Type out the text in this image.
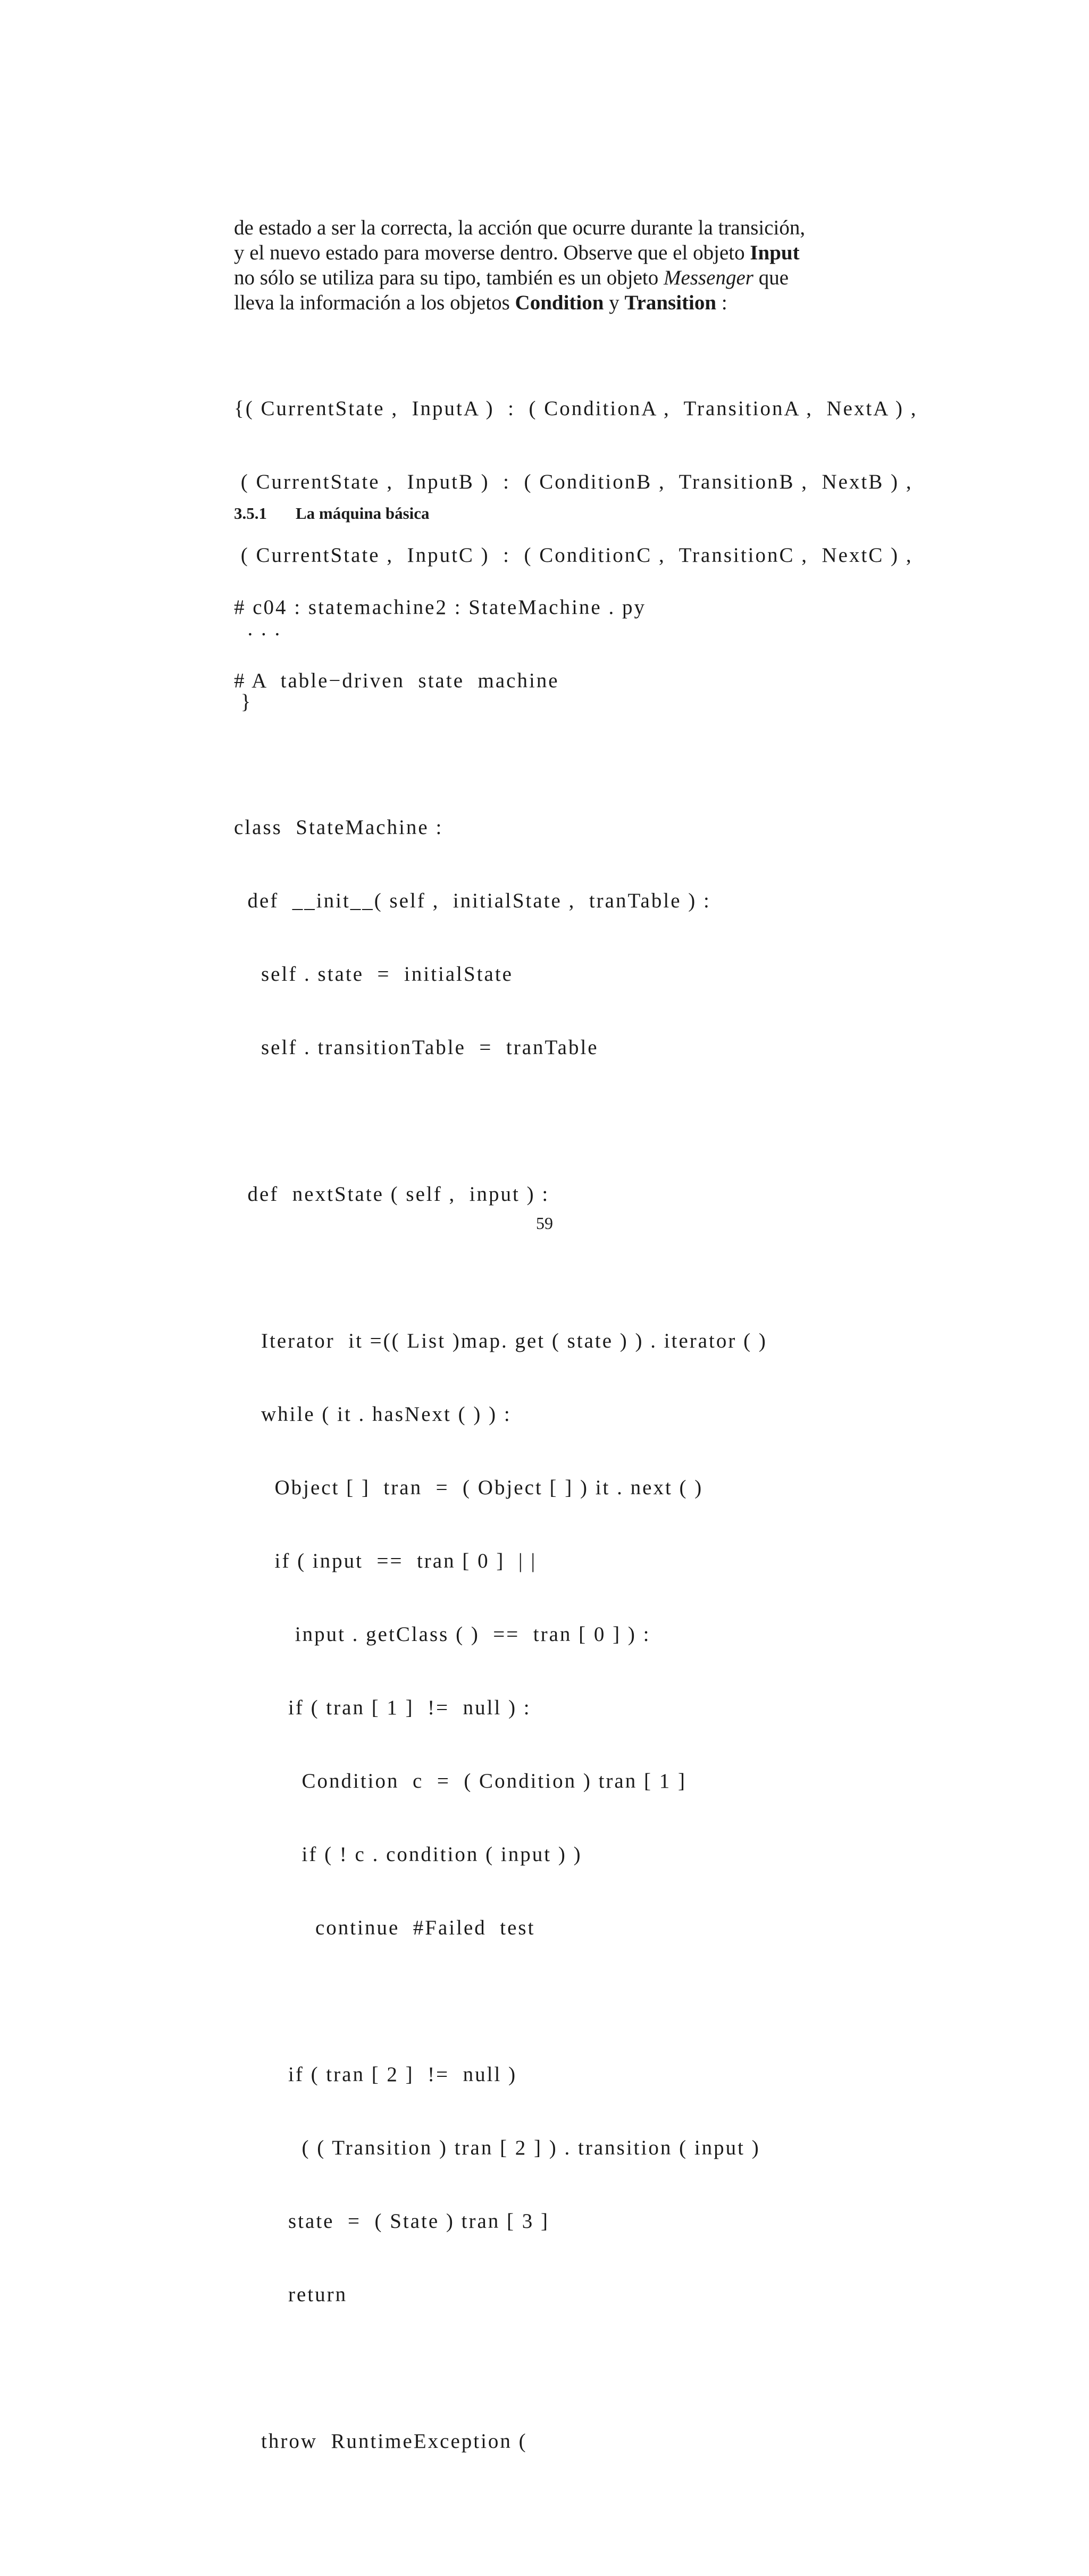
de estado a ser la correcta, la acción que ocurre durante la transición,
y el nuevo estado para moverse dentro. Observe que el objeto Input
no sólo se utiliza para su tipo, también es un objeto Messenger que
lleva la información a los objetos Condition y Transition :

{( CurrentState ,  InputA )  :  ( ConditionA ,  TransitionA ,  NextA ) ,

( CurrentState ,  InputB )  :  ( ConditionB ,  TransitionB ,  NextB ) ,

( CurrentState ,  InputC )  :  ( ConditionC ,  TransitionC ,  NextC ) ,

. . .

}

3.5.1 La máquina básica

# c04 : statemachine2 : StateMachine . py

# A  table−driven  state  machine

class  StateMachine :

def  __init__( self ,  initialState ,  tranTable ) :

self . state  =  initialState

self . transitionTable  =  tranTable

def  nextState ( self ,  input ) :

Iterator  it =(( List )map. get ( state ) ) . iterator ( )

while ( it . hasNext ( ) ) :

Object [ ]  tran  =  ( Object [ ] ) it . next ( )

if ( input  ==  tran [ 0 ]  | |

input . getClass ( )  ==  tran [ 0 ] ) :

if ( tran [ 1 ]  !=  null ) :

Condition  c  =  ( Condition ) tran [ 1 ]

if ( ! c . condition ( input ) )

continue  #Failed  test

if ( tran [ 2 ]  !=  null )

( ( Transition ) tran [ 2 ] ) . transition ( input )

state  =  ( State ) tran [ 3 ]

return

throw  RuntimeException (

59
